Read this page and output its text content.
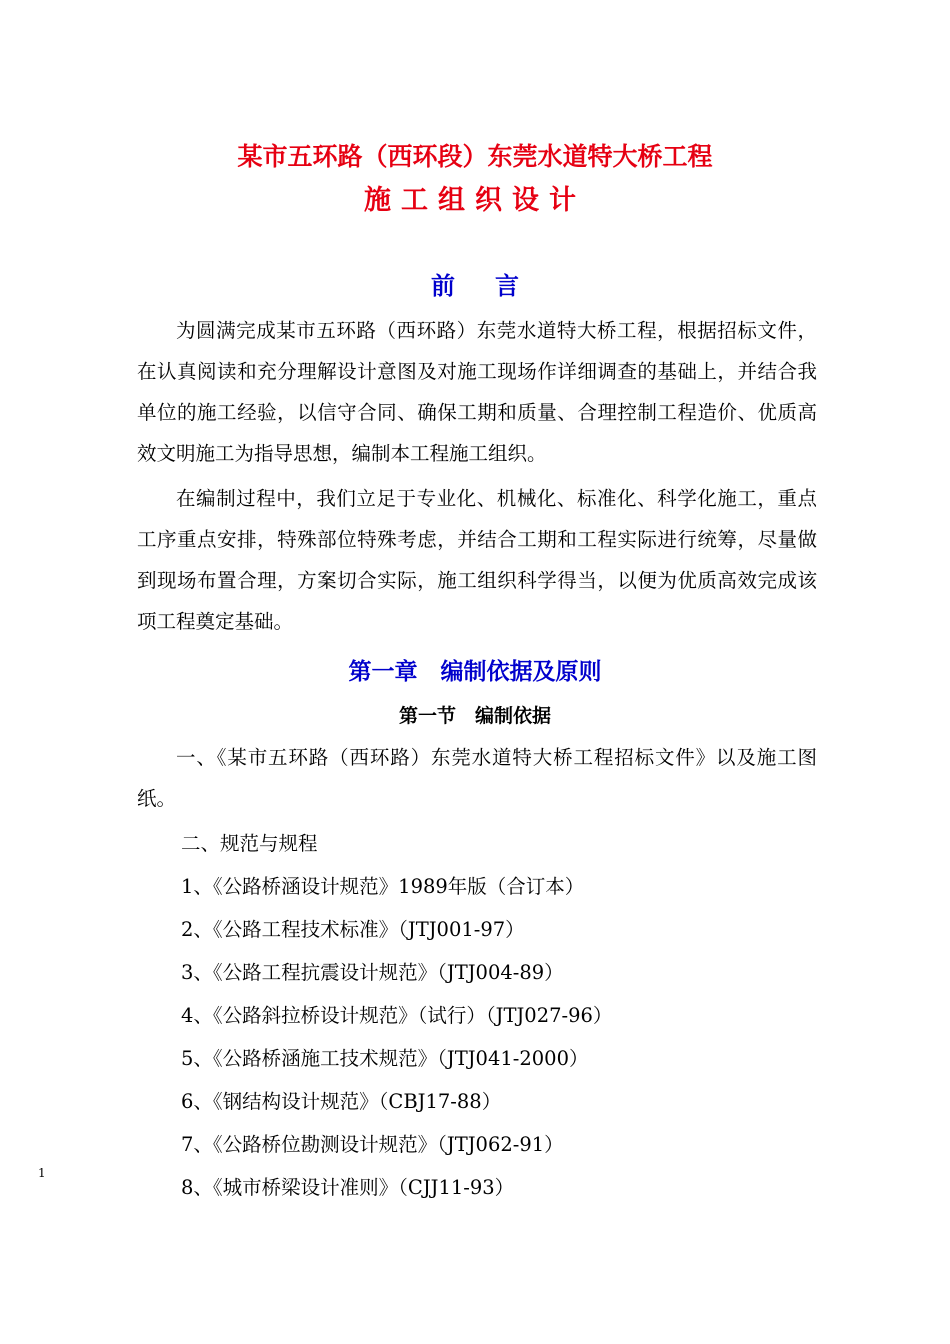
某市五环路（西环段）东莞水道特大桥工程
施工组织设计
前言

为圆满完成某市五环路（西环路）东莞水道特大桥工程，根据招标文件，在认真阅读和充分理解设计意图及对施工现场作详细调查的基础上，并结合我单位的施工经验，以信守合同、确保工期和质量、合理控制工程造价、优质高效文明施工为指导思想，编制本工程施工组织。

在编制过程中，我们立足于专业化、机械化、标准化、科学化施工，重点工序重点安排，特殊部位特殊考虑，并结合工期和工程实际进行统筹，尽量做到现场布置合理，方案切合实际，施工组织科学得当，以便为优质高效完成该项工程奠定基础。

第一章　编制依据及原则
第一节　编制依据

一、《某市五环路（西环路）东莞水道特大桥工程招标文件》以及施工图纸。

二、规范与规程
1、《公路桥涵设计规范》1989年版（合订本）
2、《公路工程技术标准》（JTJ001-97）
3、《公路工程抗震设计规范》（JTJ004-89）
4、《公路斜拉桥设计规范》（试行）（JTJ027-96）
5、《公路桥涵施工技术规范》（JTJ041-2000）
6、《钢结构设计规范》（CBJ17-88）
7、《公路桥位勘测设计规范》（JTJ062-91）
8、《城市桥梁设计准则》（CJJ11-93）
1
